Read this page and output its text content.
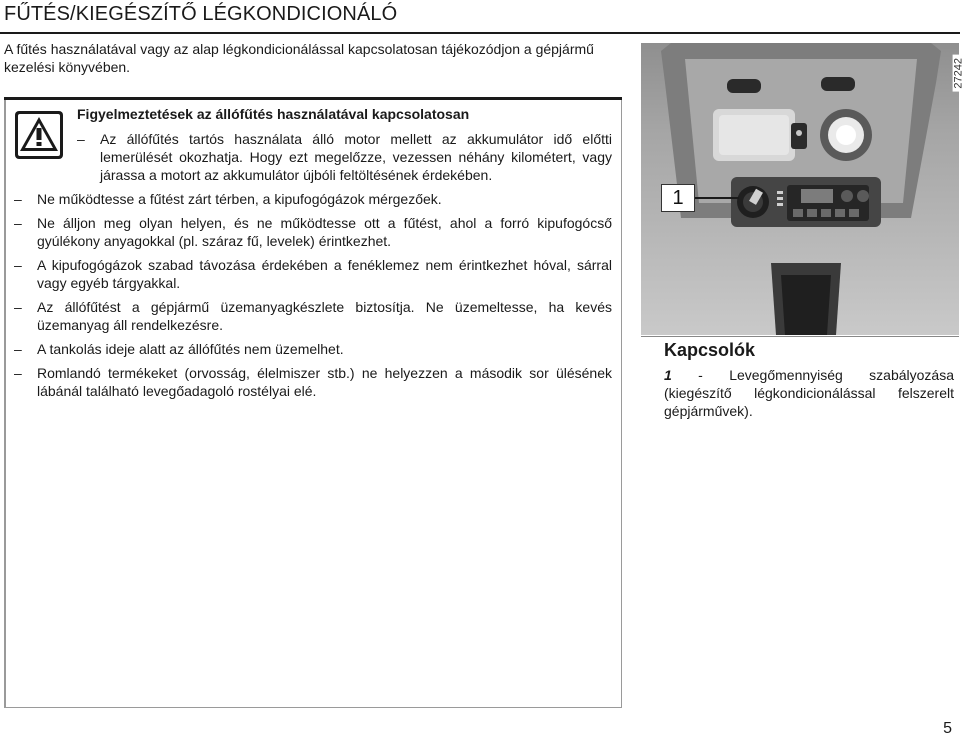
FŰTÉS/KIEGÉSZÍTŐ LÉGKONDICIONÁLÓ

A fűtés használatával vagy az alap légkondicionálással kapcsolatosan tájékozódjon a gépjármű kezelési könyvében.

Figyelmeztetések az állófűtés használatával kapcsolatosan

– Az állófűtés tartós használata álló motor mellett az akkumulátor idő előtti lemerülését okozhatja. Hogy ezt megelőzze, vezessen néhány kilométert, vagy járassa a motort az akkumulátor újbóli feltöltésének érdekében.

– Ne működtesse a fűtést zárt térben, a kipufogógázok mérgezőek.

– Ne álljon meg olyan helyen, és ne működtesse ott a fűtést, ahol a forró kipufogócső gyúlékony anyagokkal (pl. száraz fű, levelek) érintkezhet.

– A kipufogógázok szabad távozása érdekében a fenéklemez nem érintkezhet hóval, sárral vagy egyéb tárgyakkal.

– Az állófűtést a gépjármű üzemanyagkészlete biztosítja. Ne üzemeltesse, ha kevés üzemanyag áll rendelkezésre.

– A tankolás ideje alatt az állófűtés nem üzemelhet.

– Romlandó termékeket (orvosság, élelmiszer stb.) ne helyezzen a második sor ülésének lábánál található levegőadagoló rostélyai elé.

27242
1
Kapcsolók

1 - Levegőmennyiség szabályozása (kiegészítő légkondicionálással felszerelt gépjárművek).

5
